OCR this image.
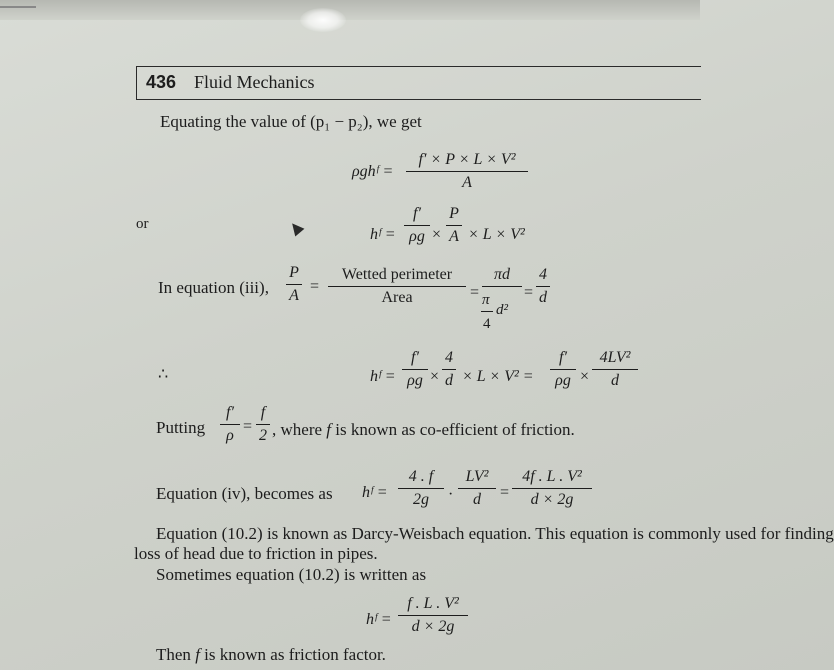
436 Fluid Mechanics
Equating the value of (p₁ − p₂), we get
ρghᶠ =
f′ × P × L × V²
A
or
hᶠ =
f′
ρg ×
P
A × L × V²
In equation (iii),
P
A
=
Wetted perimeter
Area	=
πd
π
d²
4
=
4
d
∴	hᶠ =
f′
ρg ×
4
d × L × V² =
f′
ρg ×
4LV²
d
Putting
f′
ρ
=
f
2 , where f is known as co-efficient of friction.
Equation (iv), becomes as hᶠ =
4 . f
2g	·
LV²
d	=
4f . L . V²
d × 2g
Equation (10.2) is known as Darcy-Weisbach equation. This equation is commonly used for finding
loss of head due to friction in pipes.
Sometimes equation (10.2) is written as
hᶠ =
f . L . V²
d × 2g
Then f is known as friction factor.
